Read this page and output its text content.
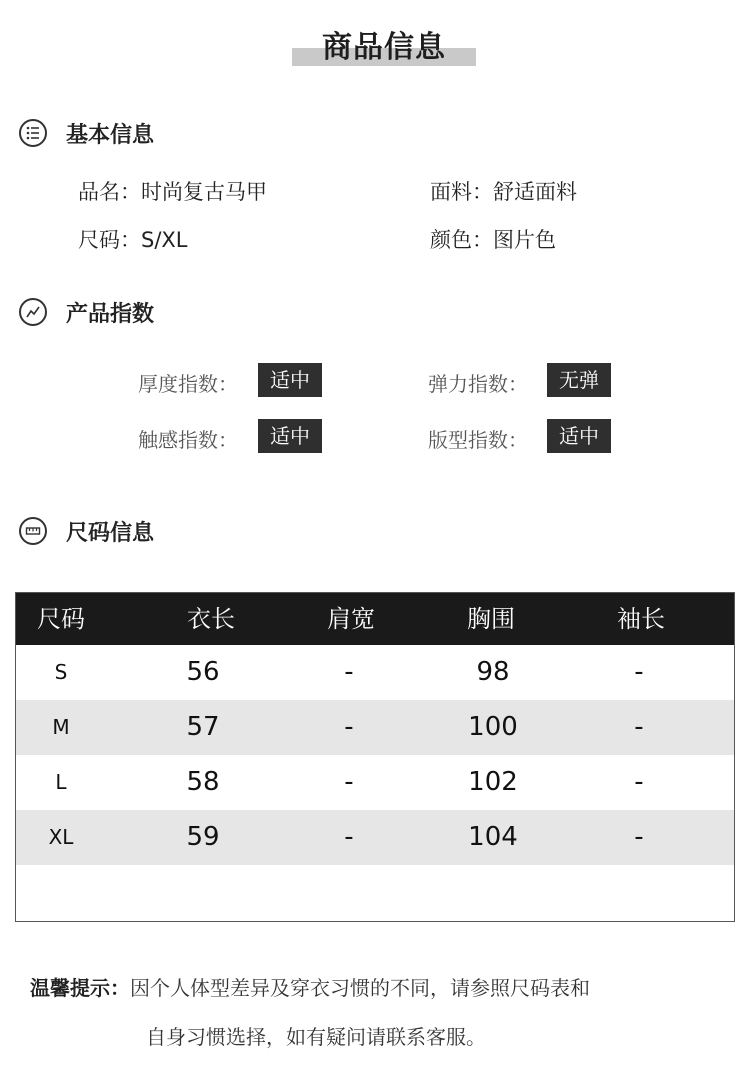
商品信息
基本信息
品名：时尚复古马甲	面料：舒适面料
尺码：S/XL	颜色：图片色
产品指数
厚度指数：	适中	弹力指数：	无弹
触感指数：	适中	版型指数：	适中
尺码信息
尺码	衣长	肩宽	胸围	袖长
S	56	-	98	-
M	57	-	100	-
L	58	-	102	-
XL	59	-	104	-
温馨提示：因个人体型差异及穿衣习惯的不同，请参照尺码表和
自身习惯选择，如有疑问请联系客服。
